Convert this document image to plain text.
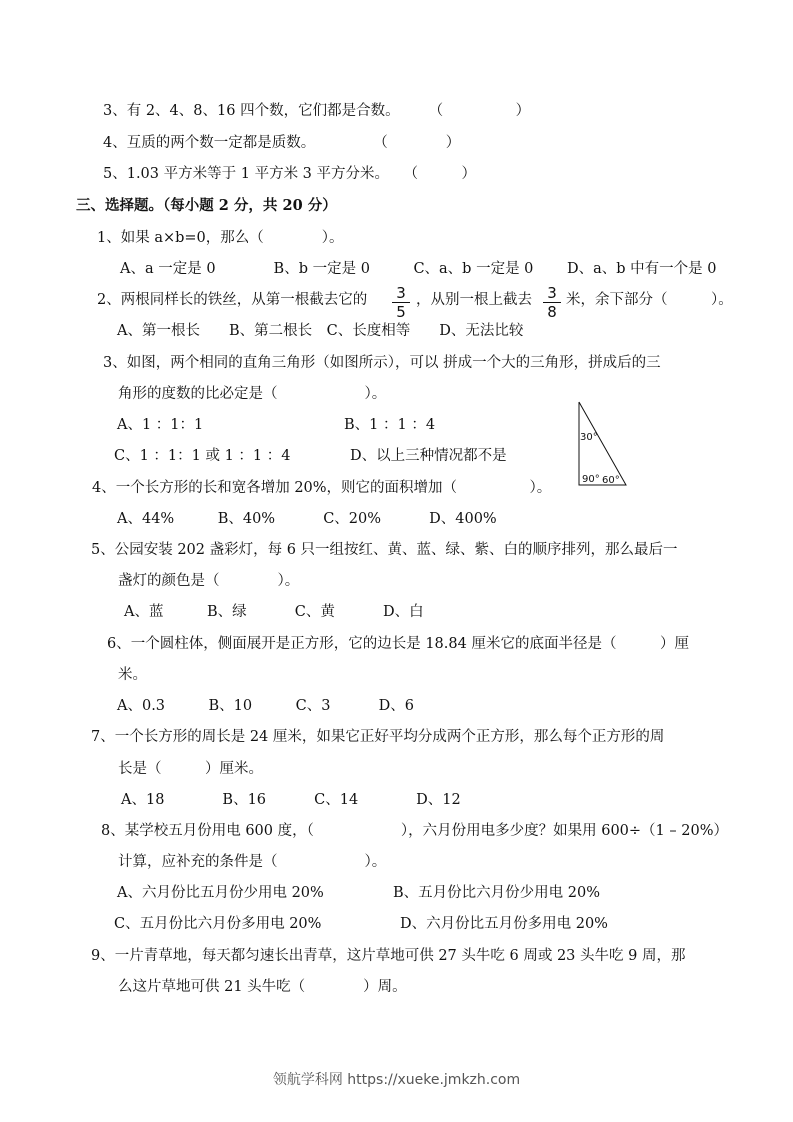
3、有 2、4、8、16 四个数，它们都是合数。　　　（　　　　　）
4、互质的两个数一定都是质数。　　　　　（　　　　）
5、1.03 平方米等于 1 平方米 3 平方分米。　　（　　　）
三、选择题。（每小题 2 分，共 20 分）
1、如果 a×b=0，那么（　　　　）。
A、a 一定是 0　　　　B、b 一定是 0　　　C、a、b 一定是 0　　 D、a、b 中有一个是 0
2、两根同样长的铁丝，从第一根截去它的	3
5
，从别一根上截去	3
8
米，余下部分（　　　）。
A、第一根长　　B、第二根长　C、长度相等　　D、无法比较
3、如图，两个相同的直角三角形（如图所示），可以 拼成一个大的三角形，拼成后的三
角形的度数的比必定是（　　　　　　）。
A、1 ：1：1	B、1 ：1 ：4
C、1 ：1：1 或 1 ：1 ：4	D、以上三种情况都不是
30°
90° 60°
4、一个长方形的长和宽各增加 20%，则它的面积增加（　　　　　）。
A、44%　　　B、40%　　　 C、20%　　　 D、400%
5、公园安装 202 盏彩灯，每 6 只一组按红、黄、蓝、绿、紫、白的顺序排列，那么最后一
盏灯的颜色是（　　　　）。
A、蓝　　　B、绿　　　 C、黄　　　 D、白
6、一个圆柱体，侧面展开是正方形，它的边长是 18.84 厘米它的底面半径是（　　　）厘
米。
A、0.3　　　B、10　　　C、3　　　 D、6
7、一个长方形的周长是 24 厘米，如果它正好平均分成两个正方形，那么每个正方形的周
长是（　　　）厘米。
A、18　　　　B、16　　　 C、14　　　　D、12
8、某学校五月份用电 600 度，（　　　　　　），六月份用电多少度？如果用 600÷（1 – 20%）
计算，应补充的条件是（　　　　　　）。
A、六月份比五月份少用电 20%	B、五月份比六月份少用电 20%
C、五月份比六月份多用电 20%	D、六月份比五月份多用电 20%
9、一片青草地，每天都匀速长出青草，这片草地可供 27 头牛吃 6 周或 23 头牛吃 9 周，那
么这片草地可供 21 头牛吃（　　　　）周。
领航学科网 https://xueke.jmkzh.com
